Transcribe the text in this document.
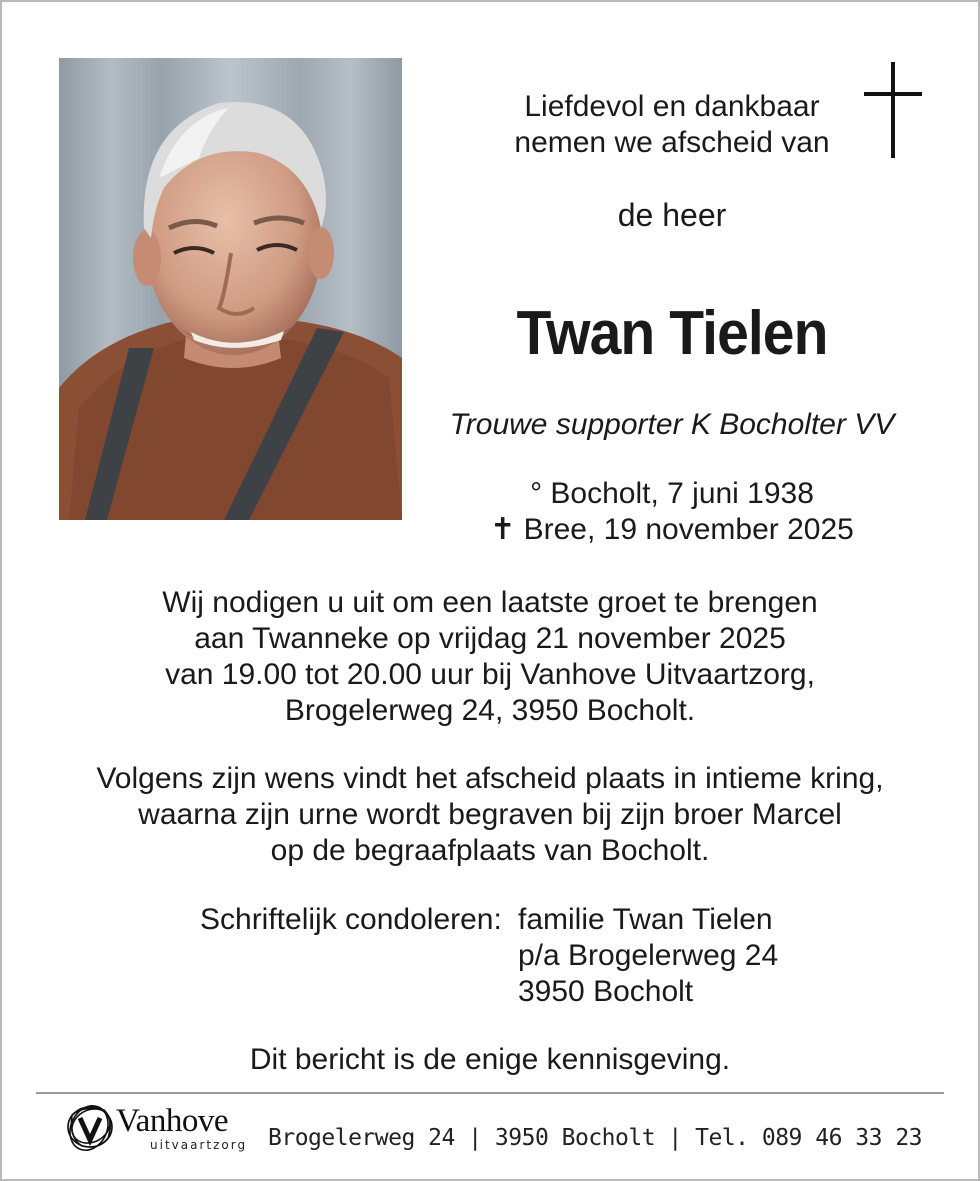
Liefdevol en dankbaar
nemen we afscheid van
de heer
Twan Tielen
Trouwe supporter K Bocholter VV
° Bocholt, 7 juni 1938
✝ Bree, 19 november 2025
Wij nodigen u uit om een laatste groet te brengen
aan Twanneke op vrijdag 21 november 2025
van 19.00 tot 20.00 uur bij Vanhove Uitvaartzorg,
Brogelerweg 24, 3950 Bocholt.
Volgens zijn wens vindt het afscheid plaats in intieme kring,
waarna zijn urne wordt begraven bij zijn broer Marcel
op de begraafplaats van Bocholt.
Schriftelijk condoleren: familie Twan Tielen
p/a Brogelerweg 24
3950 Bocholt
Dit bericht is de enige kennisgeving.
Vanhove
uitvaartzorg Brogelerweg 24 | 3950 Bocholt | Tel. 089 46 33 23
